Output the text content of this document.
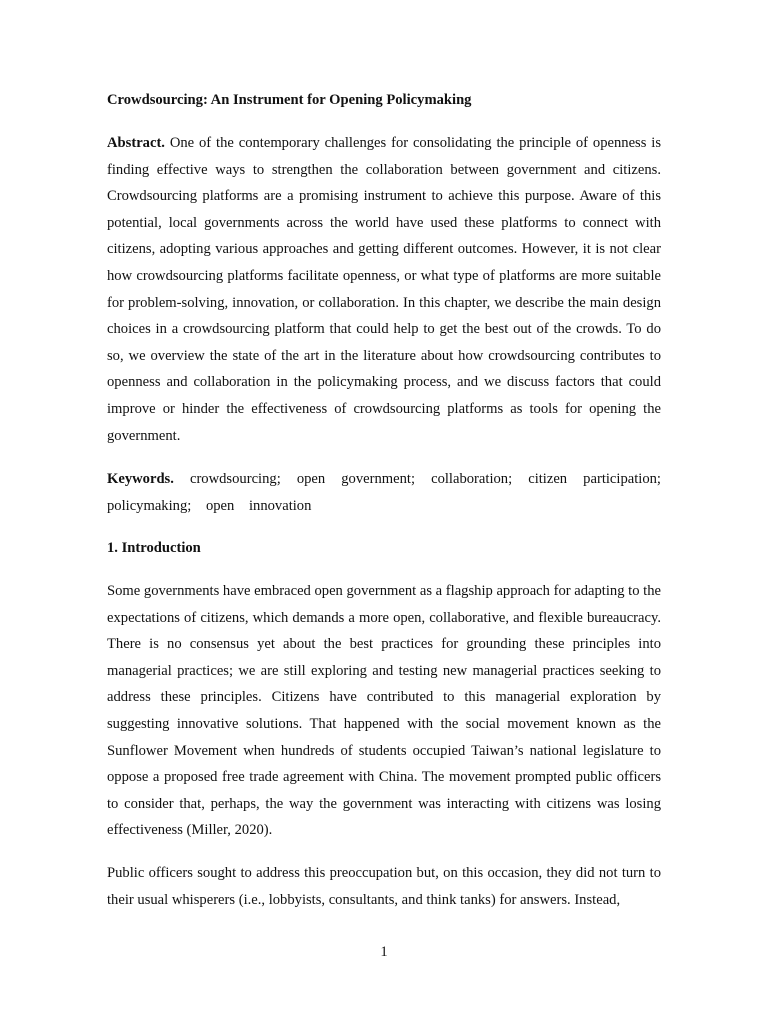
Crowdsourcing: An Instrument for Opening Policymaking

Abstract. One of the contemporary challenges for consolidating the principle of openness is finding effective ways to strengthen the collaboration between government and citizens. Crowdsourcing platforms are a promising instrument to achieve this purpose. Aware of this potential, local governments across the world have used these platforms to connect with citizens, adopting various approaches and getting different outcomes. However, it is not clear how crowdsourcing platforms facilitate openness, or what type of platforms are more suitable for problem-solving, innovation, or collaboration. In this chapter, we describe the main design choices in a crowdsourcing platform that could help to get the best out of the crowds. To do so, we overview the state of the art in the literature about how crowdsourcing contributes to openness and collaboration in the policymaking process, and we discuss factors that could improve or hinder the effectiveness of crowdsourcing platforms as tools for opening the government.

Keywords. crowdsourcing; open government; collaboration; citizen participation; policymaking; open innovation

1. Introduction

Some governments have embraced open government as a flagship approach for adapting to the expectations of citizens, which demands a more open, collaborative, and flexible bureaucracy. There is no consensus yet about the best practices for grounding these principles into managerial practices; we are still exploring and testing new managerial practices seeking to address these principles. Citizens have contributed to this managerial exploration by suggesting innovative solutions. That happened with the social movement known as the Sunflower Movement when hundreds of students occupied Taiwan’s national legislature to oppose a proposed free trade agreement with China. The movement prompted public officers to consider that, perhaps, the way the government was interacting with citizens was losing effectiveness (Miller, 2020).

Public officers sought to address this preoccupation but, on this occasion, they did not turn to their usual whisperers (i.e., lobbyists, consultants, and think tanks) for answers. Instead,

1
